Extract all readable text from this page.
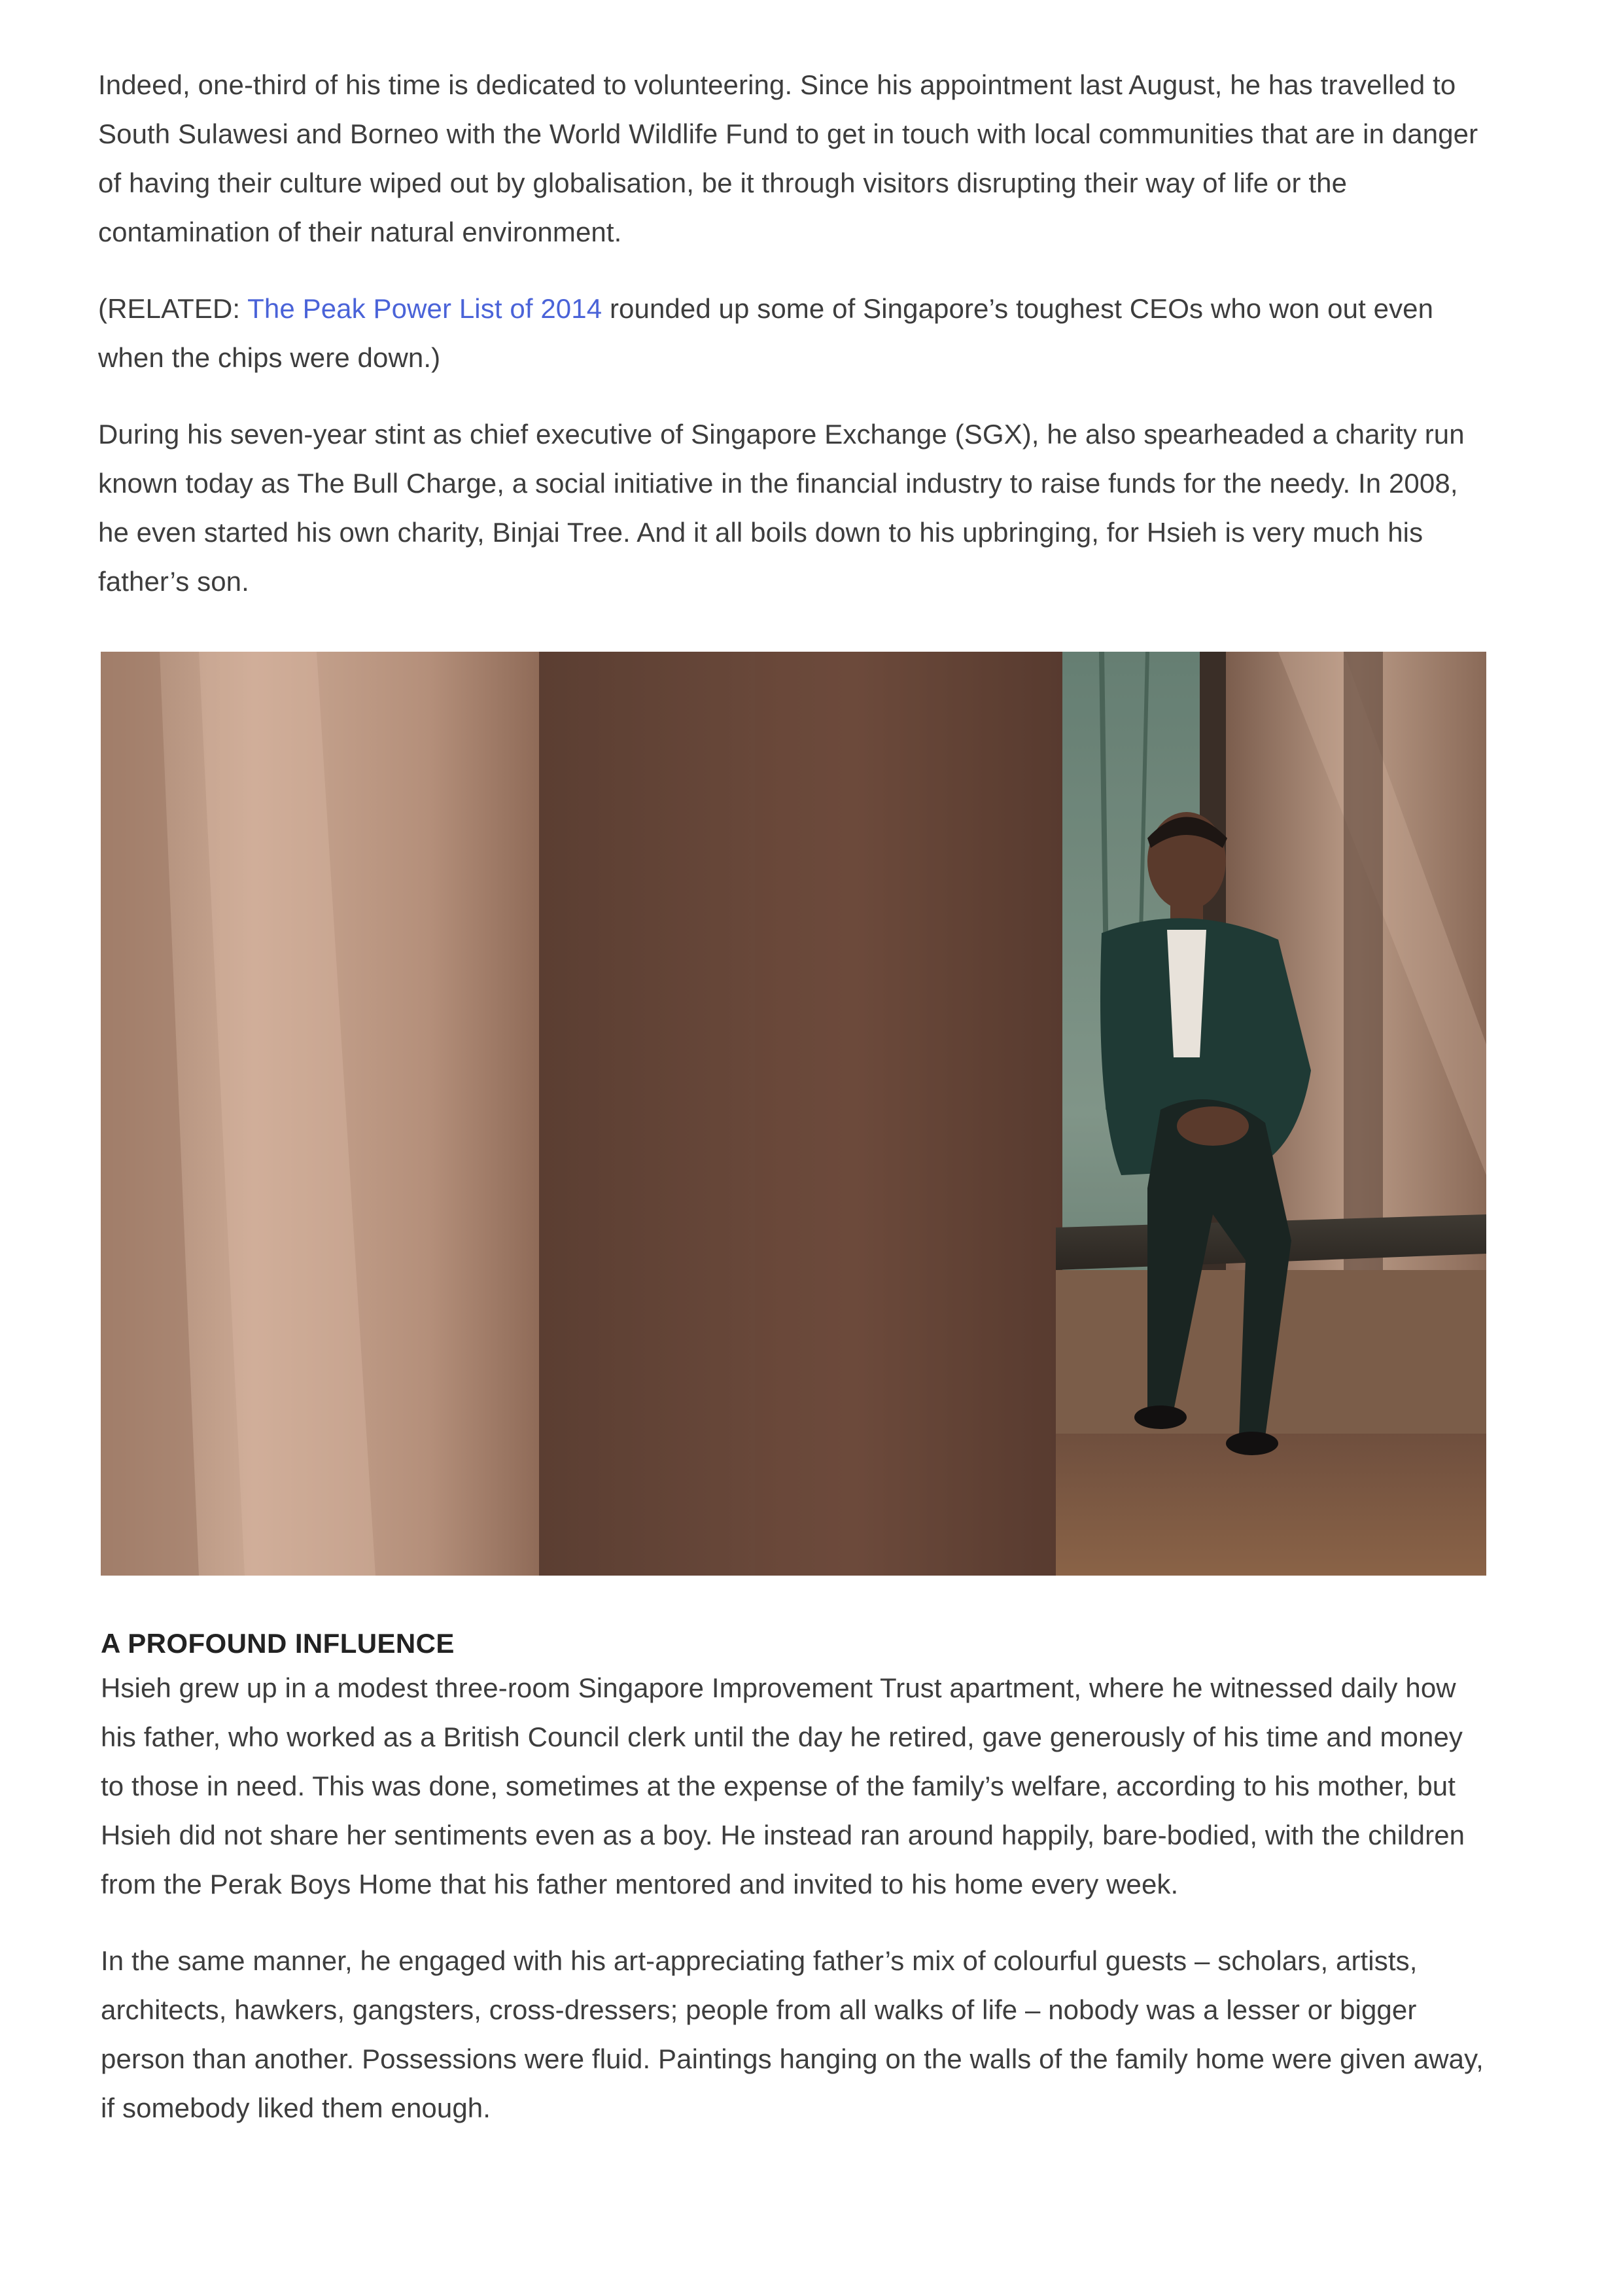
Indeed, one-third of his time is dedicated to volunteering. Since his appointment last August, he has travelled to South Sulawesi and Borneo with the World Wildlife Fund to get in touch with local communities that are in danger of having their culture wiped out by globalisation, be it through visitors disrupting their way of life or the contamination of their natural environment.

(RELATED: The Peak Power List of 2014 rounded up some of Singapore’s toughest CEOs who won out even when the chips were down.)

During his seven-year stint as chief executive of Singapore Exchange (SGX), he also spearheaded a charity run known today as The Bull Charge, a social initiative in the financial industry to raise funds for the needy. In 2008, he even started his own charity, Binjai Tree. And it all boils down to his upbringing, for Hsieh is very much his father’s son.

A PROFOUND INFLUENCE

Hsieh grew up in a modest three-room Singapore Improvement Trust apartment, where he witnessed daily how his father, who worked as a British Council clerk until the day he retired, gave generously of his time and money to those in need. This was done, sometimes at the expense of the family’s welfare, according to his mother, but Hsieh did not share her sentiments even as a boy. He instead ran around happily, bare-bodied, with the children from the Perak Boys Home that his father mentored and invited to his home every week.

In the same manner, he engaged with his art-appreciating father’s mix of colourful guests – scholars, artists, architects, hawkers, gangsters, cross-dressers; people from all walks of life – nobody was a lesser or bigger person than another. Possessions were fluid. Paintings hanging on the walls of the family home were given away, if somebody liked them enough.
